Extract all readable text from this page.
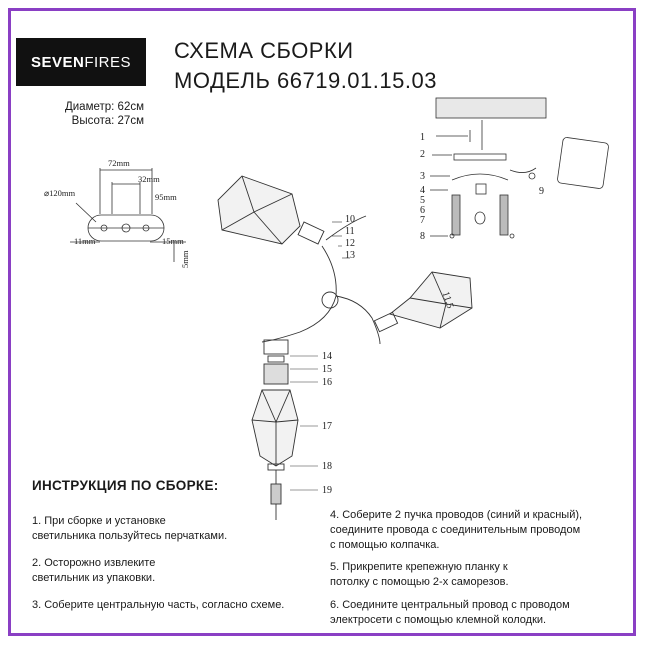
SEVEN FIRES СХЕМА СБОРКИ
МОДЕЛЬ 66719.01.15.03
Диаметр: 62см
Высота: 27см
72mm
32mm
⌀120mm	95mm
11mm	15mm
5mm
1
2
3
4
5
6
7
8
9
10
11
12
13
14
15
16
17
18
19
11,5
ИНСТРУКЦИЯ ПО СБОРКЕ:
1. При сборке и установке
светильника пользуйтесь перчатками.
2. Осторожно извлеките
светильник из упаковки.
3. Соберите центральную часть, согласно схеме.
4. Соберите 2 пучка проводов (синий и красный),
соедините провода с соединительным проводом
с помощью колпачка.
5. Прикрепите крепежную планку к
потолку с помощью 2-х саморезов.
6. Соедините центральный провод с проводом
электросети с помощью клемной колодки.
